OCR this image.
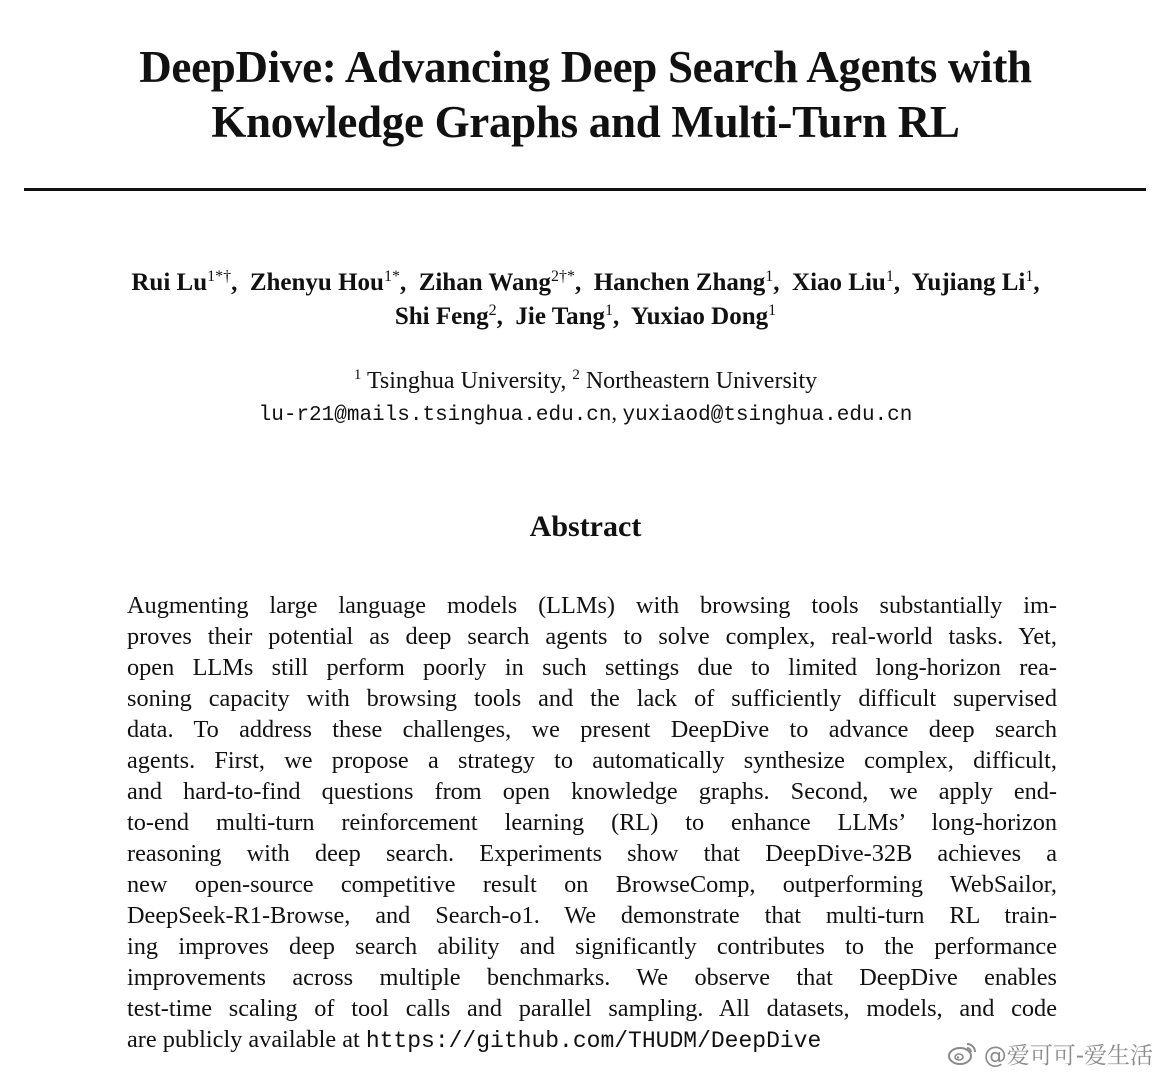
DeepDive: Advancing Deep Search Agents with
Knowledge Graphs and Multi-Turn RL
Rui $Lu^{1*\dagger}$,  Zhenyu Hou$^{1*}$,  Zihan Wang$^{2\dagger*}$,  Hanchen Zhang$^1$,  Xiao Liu$^1$,  Yujiang Li$^1$,
Shi Feng$^2$,  Jie Tang$^1$,  Yuxiao Dong$^1$
$^1$ Tsinghua University, $^2$ Northeastern University
lu-r21@mails.tsinghua.edu.cn, yuxiaod@tsinghua.edu.cn
Abstract
Augmenting large language models (LLMs) with browsing tools substantially im-
proves their potential as deep search agents to solve complex, real-world tasks. Yet,
open LLMs still perform poorly in such settings due to limited long-horizon rea-
soning capacity with browsing tools and the lack of sufficiently difficult supervised
data. To address these challenges, we present DeepDive to advance deep search
agents. First, we propose a strategy to automatically synthesize complex, difficult,
and hard-to-find questions from open knowledge graphs. Second, we apply end-
to-end multi-turn reinforcement learning (RL) to enhance LLMs’ long-horizon
reasoning with deep search. Experiments show that DeepDive-32B achieves a
new open-source competitive result on BrowseComp, outperforming WebSailor,
DeepSeek-R1-Browse, and Search-o1. We demonstrate that multi-turn RL train-
ing improves deep search ability and significantly contributes to the performance
improvements across multiple benchmarks. We observe that DeepDive enables
test-time scaling of tool calls and parallel sampling. All datasets, models, and code
are publicly available at https://github.com/THUDM/DeepDive
@爱可可-爱生活
